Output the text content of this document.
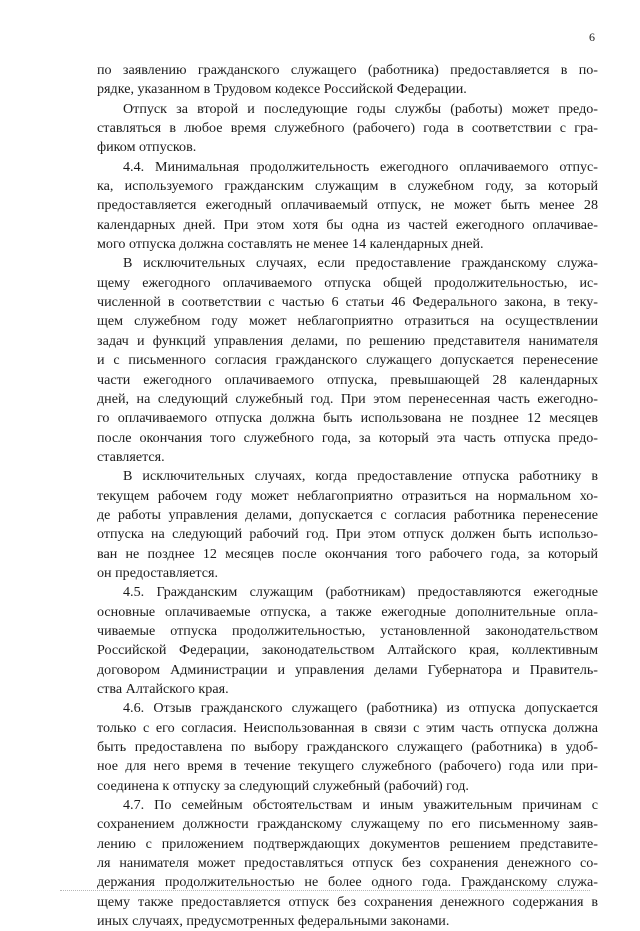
6
по заявлению гражданского служащего (работника) предоставляется в по-
рядке, указанном в Трудовом кодексе Российской Федерации.
Отпуск за второй и последующие годы службы (работы) может предо-
ставляться в любое время служебного (рабочего) года в соответствии с гра-
фиком отпусков.
4.4. Минимальная продолжительность ежегодного оплачиваемого отпус-
ка, используемого гражданским служащим в служебном году, за который
предоставляется ежегодный оплачиваемый отпуск, не может быть менее 28
календарных дней. При этом хотя бы одна из частей ежегодного оплачивае-
мого отпуска должна составлять не менее 14 календарных дней.
В исключительных случаях, если предоставление гражданскому служа-
щему ежегодного оплачиваемого отпуска общей продолжительностью, ис-
численной в соответствии с частью 6 статьи 46 Федерального закона, в теку-
щем служебном году может неблагоприятно отразиться на осуществлении
задач и функций управления делами, по решению представителя нанимателя
и с письменного согласия гражданского служащего допускается перенесение
части ежегодного оплачиваемого отпуска, превышающей 28 календарных
дней, на следующий служебный год. При этом перенесенная часть ежегодно-
го оплачиваемого отпуска должна быть использована не позднее 12 месяцев
после окончания того служебного года, за который эта часть отпуска предо-
ставляется.
В исключительных случаях, когда предоставление отпуска работнику в
текущем рабочем году может неблагоприятно отразиться на нормальном хо-
де работы управления делами, допускается с согласия работника перенесение
отпуска на следующий рабочий год. При этом отпуск должен быть использо-
ван не позднее 12 месяцев после окончания того рабочего года, за который
он предоставляется.
4.5. Гражданским служащим (работникам) предоставляются ежегодные
основные оплачиваемые отпуска, а также ежегодные дополнительные опла-
чиваемые отпуска продолжительностью, установленной законодательством
Российской Федерации, законодательством Алтайского края, коллективным
договором Администрации и управления делами Губернатора и Правитель-
ства Алтайского края.
4.6. Отзыв гражданского служащего (работника) из отпуска допускается
только с его согласия. Неиспользованная в связи с этим часть отпуска должна
быть предоставлена по выбору гражданского служащего (работника) в удоб-
ное для него время в течение текущего служебного (рабочего) года или при-
соединена к отпуску за следующий служебный (рабочий) год.
4.7. По семейным обстоятельствам и иным уважительным причинам с
сохранением должности гражданскому служащему по его письменному заяв-
лению с приложением подтверждающих документов решением представите-
ля нанимателя может предоставляться отпуск без сохранения денежного со-
держания продолжительностью не более одного года. Гражданскому служа-
щему также предоставляется отпуск без сохранения денежного содержания в
иных случаях, предусмотренных федеральными законами.
